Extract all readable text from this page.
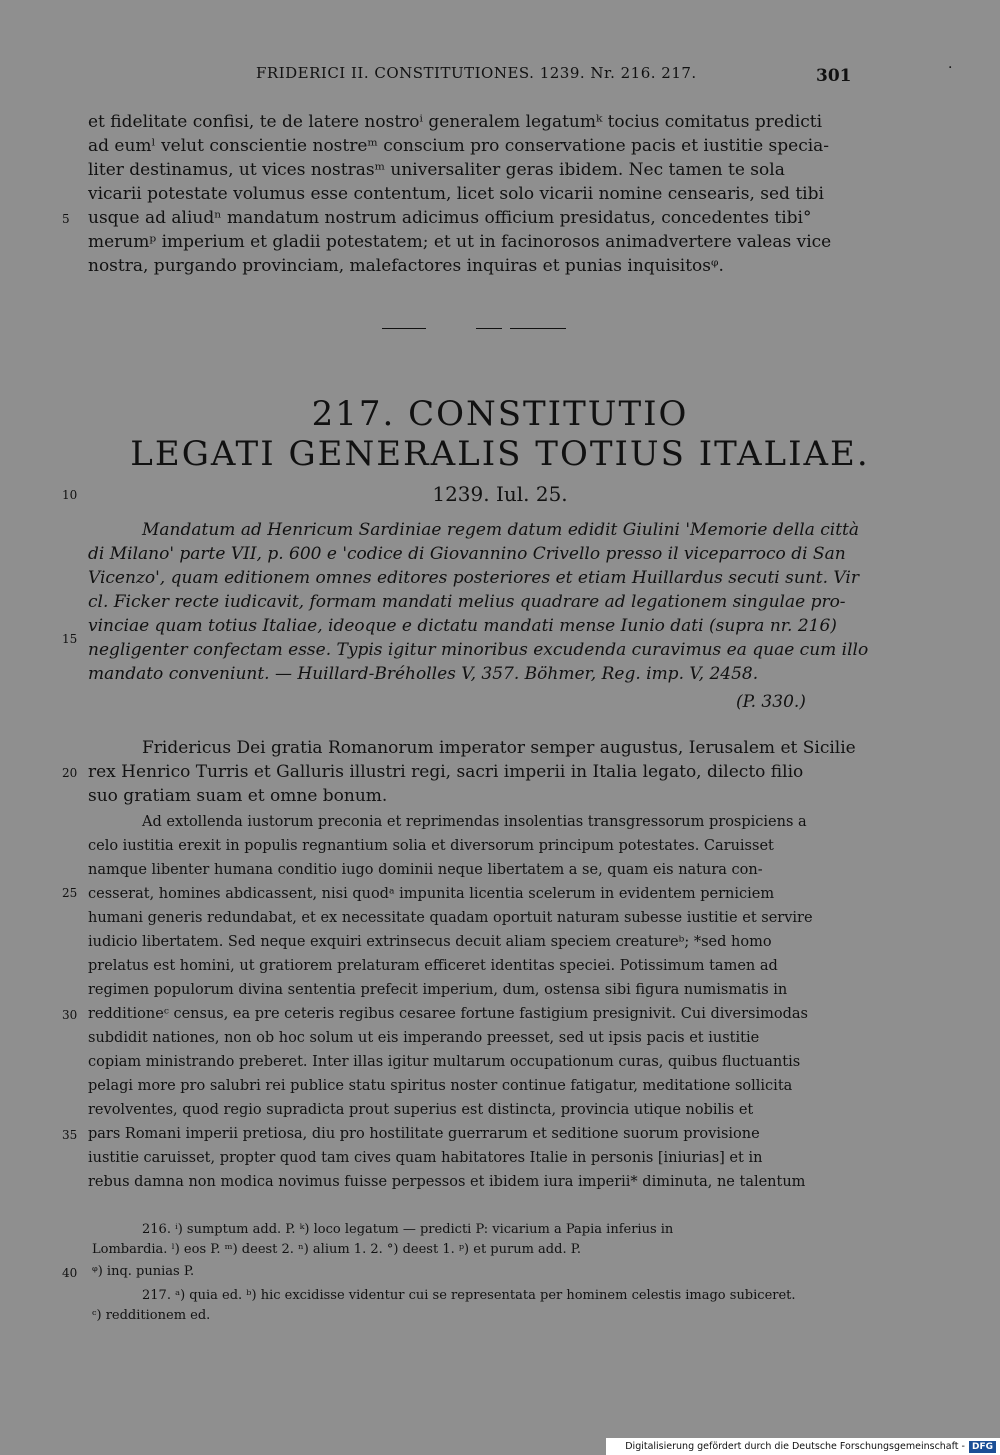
FRIDERICI II. CONSTITUTIONES. 1239. Nr. 216. 217.	301	·
et fidelitate confisi, te de latere nostroⁱ generalem legatumᵏ tocius comitatus predicti
ad eumˡ velut conscientie nostreᵐ conscium pro conservatione pacis et iustitie specia-
liter destinamus, ut vices nostrasᵐ universaliter geras ibidem. Nec tamen te sola
vicarii potestate volumus esse contentum, licet solo vicarii nomine censearis, sed tibi
usque ad aliudⁿ mandatum nostrum adicimus officium presidatus, concedentes tibi°
merumᵖ imperium et gladii potestatem; et ut in facinorosos animadvertere valeas vice
nostra, purgando provinciam, malefactores inquiras et punias inquisitosᵠ.
217. CONSTITUTIO
LEGATI GENERALIS TOTIUS ITALIAE.
1239. Iul. 25.
Mandatum ad Henricum Sardiniae regem datum edidit Giulini 'Memorie della città
di Milano' parte VII, p. 600 e 'codice di Giovannino Crivello presso il viceparroco di San
Vicenzo', quam editionem omnes editores posteriores et etiam Huillardus secuti sunt. Vir
cl. Ficker recte iudicavit, formam mandati melius quadrare ad legationem singulae pro-
vinciae quam totius Italiae, ideoque e dictatu mandati mense Iunio dati (supra nr. 216)
negligenter confectam esse. Typis igitur minoribus excudenda curavimus ea quae cum illo
mandato conveniunt. — Huillard-Bréholles V, 357. Böhmer, Reg. imp. V, 2458.
(P. 330.)
Fridericus Dei gratia Romanorum imperator semper augustus, Ierusalem et Sicilie
rex Henrico Turris et Galluris illustri regi, sacri imperii in Italia legato, dilecto filio
suo gratiam suam et omne bonum.
Ad extollenda iustorum preconia et reprimendas insolentias transgressorum prospiciens a
celo iustitia erexit in populis regnantium solia et diversorum principum potestates. Caruisset
namque libenter humana conditio iugo dominii neque libertatem a se, quam eis natura con-
cesserat, homines abdicassent, nisi quodᵃ impunita licentia scelerum in evidentem perniciem
humani generis redundabat, et ex necessitate quadam oportuit naturam subesse iustitie et servire
iudicio libertatem. Sed neque exquiri extrinsecus decuit aliam speciem creatureᵇ; *sed homo
prelatus est homini, ut gratiorem prelaturam efficeret identitas speciei. Potissimum tamen ad
regimen populorum divina sententia prefecit imperium, dum, ostensa sibi figura numismatis in
redditioneᶜ census, ea pre ceteris regibus cesaree fortune fastigium presignivit. Cui diversimodas
subdidit nationes, non ob hoc solum ut eis imperando preesset, sed ut ipsis pacis et iustitie
copiam ministrando preberet. Inter illas igitur multarum occupationum curas, quibus fluctuantis
pelagi more pro salubri rei publice statu spiritus noster continue fatigatur, meditatione sollicita
revolventes, quod regio supradicta prout superius est distincta, provincia utique nobilis et
pars Romani imperii pretiosa, diu pro hostilitate guerrarum et seditione suorum provisione
iustitie caruisset, propter quod tam cives quam habitatores Italie in personis [iniurias] et in
rebus damna non modica novimus fuisse perpessos et ibidem iura imperii* diminuta, ne talentum
216. ⁱ) sumptum add. P. ᵏ) loco legatum — predicti P: vicarium a Papia inferius in
Lombardia. ˡ) eos P. ᵐ) deest 2. ⁿ) alium 1. 2. °) deest 1. ᵖ) et purum add. P.
ᵠ) inq. punias P.
217. ᵃ) quia ed. ᵇ) hic excidisse videntur cui se representata per hominem celestis imago subiceret.
ᶜ) redditionem ed.
5
10
15
20
25
30
35
40
Digitalisierung gefördert durch die Deutsche Forschungsgemeinschaft - DFG
